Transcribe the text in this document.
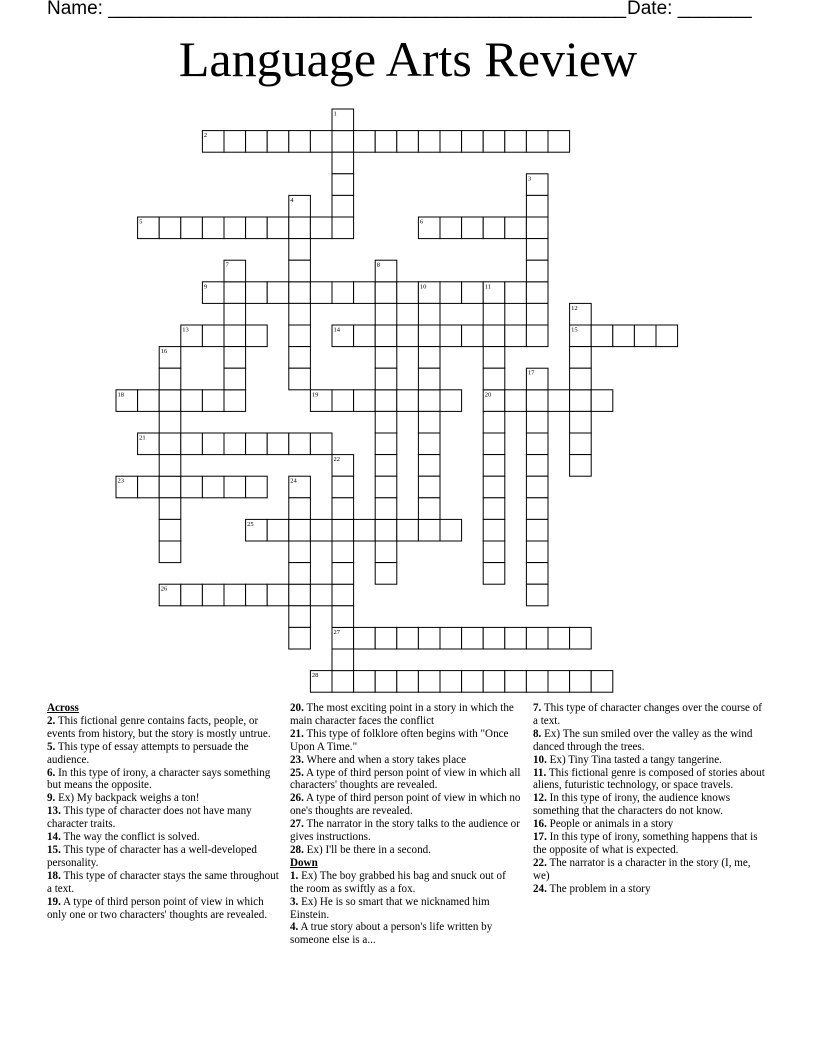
Name: _________________________________________________ Date: _______
Language Arts Review
2
5	6
9
13	14	15
18	19	20
21
23
25
26
27
28
1
3
4
7	8
10	11
12
16
17
22
24
Across
2. This fictional genre contains facts, people, or events from history, but the story is mostly untrue.
5. This type of essay attempts to persuade the audience.
6. In this type of irony, a character says something but means the opposite.
9. Ex) My backpack weighs a ton!
13. This type of character does not have many character traits.
14. The way the conflict is solved.
15. This type of character has a well-developed personality.
18. This type of character stays the same throughout a text.
19. A type of third person point of view in which only one or two characters' thoughts are revealed.
20. The most exciting point in a story in which the main character faces the conflict
21. This type of folklore often begins with "Once Upon A Time."
23. Where and when a story takes place
25. A type of third person point of view in which all characters' thoughts are revealed.
26. A type of third person point of view in which no one's thoughts are revealed.
27. The narrator in the story talks to the audience or gives instructions.
28. Ex) I'll be there in a second.
Down
1. Ex) The boy grabbed his bag and snuck out of the room as swiftly as a fox.
3. Ex) He is so smart that we nicknamed him Einstein.
4. A true story about a person's life written by someone else is a...
7. This type of character changes over the course of a text.
8. Ex) The sun smiled over the valley as the wind danced through the trees.
10. Ex) Tiny Tina tasted a tangy tangerine.
11. This fictional genre is composed of stories about aliens, futuristic technology, or space travels.
12. In this type of irony, the audience knows something that the characters do not know.
16. People or animals in a story
17. In this type of irony, something happens that is the opposite of what is expected.
22. The narrator is a character in the story (I, me, we)
24. The problem in a story
